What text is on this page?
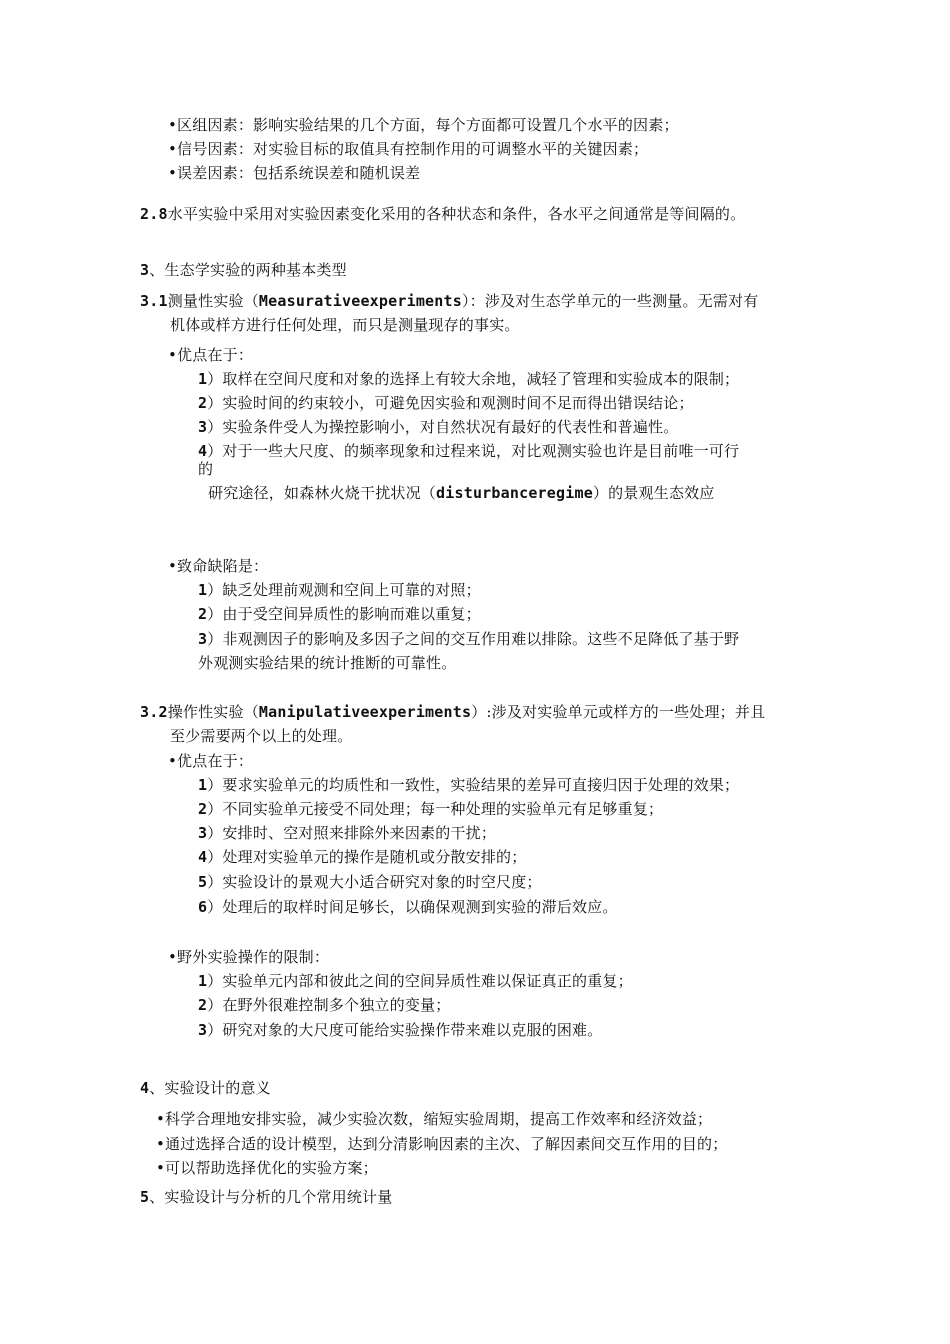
•区组因素：影响实验结果的几个方面，每个方面都可设置几个水平的因素；
•信号因素：对实验目标的取值具有控制作用的可调整水平的关键因素；
•误差因素：包括系统误差和随机误差
2.8水平实验中采用对实验因素变化采用的各种状态和条件，各水平之间通常是等间隔的。
3、生态学实验的两种基本类型
3.1测量性实验（Measurativeexperiments）：涉及对生态学单元的一些测量。无需对有
机体或样方进行任何处理，而只是测量现存的事实。
•优点在于：
1）取样在空间尺度和对象的选择上有较大余地，减轻了管理和实验成本的限制；
2）实验时间的约束较小，可避免因实验和观测时间不足而得出错误结论；
3）实验条件受人为操控影响小，对自然状况有最好的代表性和普遍性。
4）对于一些大尺度、的频率现象和过程来说，对比观测实验也许是目前唯一可行
的
研究途径，如森林火烧干扰状况（disturbanceregime）的景观生态效应
•致命缺陷是：
1）缺乏处理前观测和空间上可靠的对照；
2）由于受空间异质性的影响而难以重复；
3）非观测因子的影响及多因子之间的交互作用难以排除。这些不足降低了基于野
外观测实验结果的统计推断的可靠性。
3.2操作性实验（Manipulativeexperiments）:涉及对实验单元或样方的一些处理；并且
至少需要两个以上的处理。
•优点在于：
1）要求实验单元的均质性和一致性，实验结果的差异可直接归因于处理的效果；
2）不同实验单元接受不同处理；每一种处理的实验单元有足够重复；
3）安排时、空对照来排除外来因素的干扰；
4）处理对实验单元的操作是随机或分散安排的；
5）实验设计的景观大小适合研究对象的时空尺度；
6）处理后的取样时间足够长，以确保观测到实验的滞后效应。
•野外实验操作的限制：
1）实验单元内部和彼此之间的空间异质性难以保证真正的重复；
2）在野外很难控制多个独立的变量；
3）研究对象的大尺度可能给实验操作带来难以克服的困难。
4、实验设计的意义
•科学合理地安排实验，减少实验次数，缩短实验周期，提高工作效率和经济效益；
•通过选择合适的设计模型，达到分清影响因素的主次、了解因素间交互作用的目的；
•可以帮助选择优化的实验方案；
5、实验设计与分析的几个常用统计量
